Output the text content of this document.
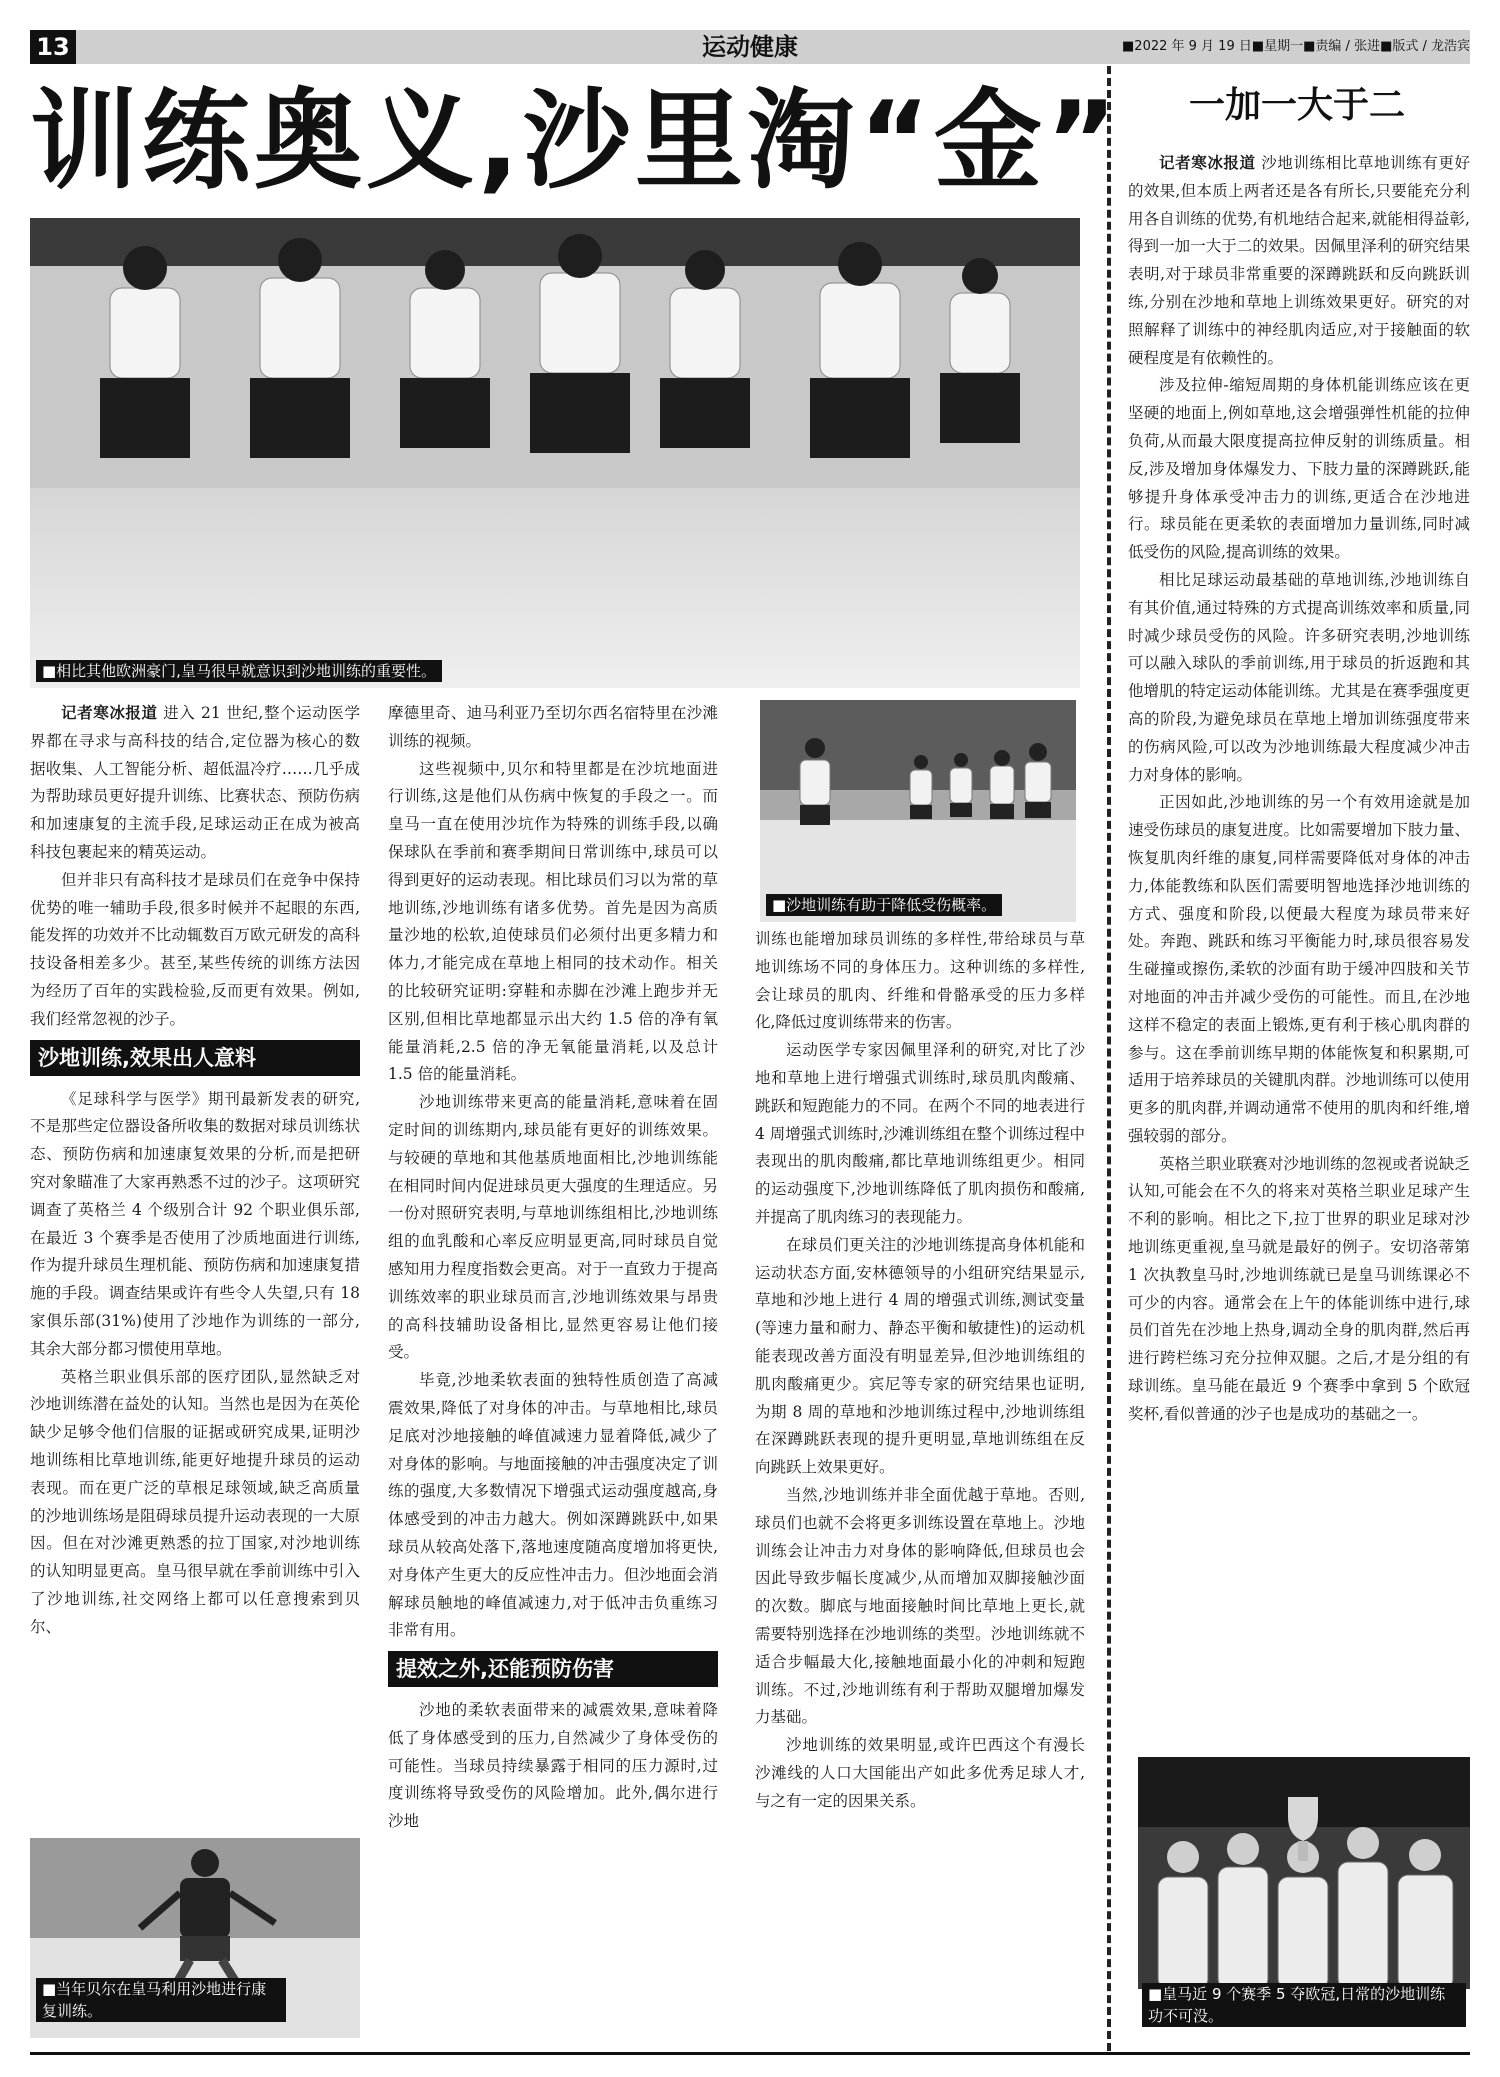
13	运动健康	■2022 年 9 月 19 日■星期一■责编 / 张进■版式 / 龙浩宾
训练奥义,沙里淘“金”
■相比其他欧洲豪门,皇马很早就意识到沙地训练的重要性。

记者寒冰报道 进入 21 世纪,整个运动医学界都在寻求与高科技的结合,定位器为核心的数据收集、人工智能分析、超低温冷疗……几乎成为帮助球员更好提升训练、比赛状态、预防伤病和加速康复的主流手段,足球运动正在成为被高科技包裹起来的精英运动。

但并非只有高科技才是球员们在竞争中保持优势的唯一辅助手段,很多时候并不起眼的东西,能发挥的功效并不比动辄数百万欧元研发的高科技设备相差多少。甚至,某些传统的训练方法因为经历了百年的实践检验,反而更有效果。例如,我们经常忽视的沙子。

沙地训练,效果出人意料

《足球科学与医学》期刊最新发表的研究,不是那些定位器设备所收集的数据对球员训练状态、预防伤病和加速康复效果的分析,而是把研究对象瞄准了大家再熟悉不过的沙子。这项研究调查了英格兰 4 个级别合计 92 个职业俱乐部,在最近 3 个赛季是否使用了沙质地面进行训练,作为提升球员生理机能、预防伤病和加速康复措施的手段。调查结果或许有些令人失望,只有 18 家俱乐部(31%)使用了沙地作为训练的一部分,其余大部分都习惯使用草地。

英格兰职业俱乐部的医疗团队,显然缺乏对沙地训练潜在益处的认知。当然也是因为在英伦缺少足够令他们信服的证据或研究成果,证明沙地训练相比草地训练,能更好地提升球员的运动表现。而在更广泛的草根足球领域,缺乏高质量的沙地训练场是阻碍球员提升运动表现的一大原因。但在对沙滩更熟悉的拉丁国家,对沙地训练的认知明显更高。皇马很早就在季前训练中引入了沙地训练,社交网络上都可以任意搜索到贝尔、

■当年贝尔在皇马利用沙地进行康复训练。

摩德里奇、迪马利亚乃至切尔西名宿特里在沙滩训练的视频。

这些视频中,贝尔和特里都是在沙坑地面进行训练,这是他们从伤病中恢复的手段之一。而皇马一直在使用沙坑作为特殊的训练手段,以确保球队在季前和赛季期间日常训练中,球员可以得到更好的运动表现。相比球员们习以为常的草地训练,沙地训练有诸多优势。首先是因为高质量沙地的松软,迫使球员们必须付出更多精力和体力,才能完成在草地上相同的技术动作。相关的比较研究证明:穿鞋和赤脚在沙滩上跑步并无区别,但相比草地都显示出大约 1.5 倍的净有氧能量消耗,2.5 倍的净无氧能量消耗,以及总计 1.5 倍的能量消耗。

沙地训练带来更高的能量消耗,意味着在固定时间的训练期内,球员能有更好的训练效果。与较硬的草地和其他基质地面相比,沙地训练能在相同时间内促进球员更大强度的生理适应。另一份对照研究表明,与草地训练组相比,沙地训练组的血乳酸和心率反应明显更高,同时球员自觉感知用力程度指数会更高。对于一直致力于提高训练效率的职业球员而言,沙地训练效果与昂贵的高科技辅助设备相比,显然更容易让他们接受。

毕竟,沙地柔软表面的独特性质创造了高减震效果,降低了对身体的冲击。与草地相比,球员足底对沙地接触的峰值减速力显着降低,减少了对身体的影响。与地面接触的冲击强度决定了训练的强度,大多数情况下增强式运动强度越高,身体感受到的冲击力越大。例如深蹲跳跃中,如果球员从较高处落下,落地速度随高度增加将更快,对身体产生更大的反应性冲击力。但沙地面会消解球员触地的峰值减速力,对于低冲击负重练习非常有用。

提效之外,还能预防伤害

沙地的柔软表面带来的减震效果,意味着降低了身体感受到的压力,自然减少了身体受伤的可能性。当球员持续暴露于相同的压力源时,过度训练将导致受伤的风险增加。此外,偶尔进行沙地

■沙地训练有助于降低受伤概率。

训练也能增加球员训练的多样性,带给球员与草地训练场不同的身体压力。这种训练的多样性,会让球员的肌肉、纤维和骨骼承受的压力多样化,降低过度训练带来的伤害。

运动医学专家因佩里泽利的研究,对比了沙地和草地上进行增强式训练时,球员肌肉酸痛、跳跃和短跑能力的不同。在两个不同的地表进行 4 周增强式训练时,沙滩训练组在整个训练过程中表现出的肌肉酸痛,都比草地训练组更少。相同的运动强度下,沙地训练降低了肌肉损伤和酸痛,并提高了肌肉练习的表现能力。

在球员们更关注的沙地训练提高身体机能和运动状态方面,安林德领导的小组研究结果显示,草地和沙地上进行 4 周的增强式训练,测试变量(等速力量和耐力、静态平衡和敏捷性)的运动机能表现改善方面没有明显差异,但沙地训练组的肌肉酸痛更少。宾尼等专家的研究结果也证明,为期 8 周的草地和沙地训练过程中,沙地训练组在深蹲跳跃表现的提升更明显,草地训练组在反向跳跃上效果更好。

当然,沙地训练并非全面优越于草地。否则,球员们也就不会将更多训练设置在草地上。沙地训练会让冲击力对身体的影响降低,但球员也会因此导致步幅长度减少,从而增加双脚接触沙面的次数。脚底与地面接触时间比草地上更长,就需要特别选择在沙地训练的类型。沙地训练就不适合步幅最大化,接触地面最小化的冲刺和短跑训练。不过,沙地训练有利于帮助双腿增加爆发力基础。

沙地训练的效果明显,或许巴西这个有漫长沙滩线的人口大国能出产如此多优秀足球人才,与之有一定的因果关系。

一加一大于二

记者寒冰报道 沙地训练相比草地训练有更好的效果,但本质上两者还是各有所长,只要能充分利用各自训练的优势,有机地结合起来,就能相得益彰,得到一加一大于二的效果。因佩里泽利的研究结果表明,对于球员非常重要的深蹲跳跃和反向跳跃训练,分别在沙地和草地上训练效果更好。研究的对照解释了训练中的神经肌肉适应,对于接触面的软硬程度是有依赖性的。

涉及拉伸-缩短周期的身体机能训练应该在更坚硬的地面上,例如草地,这会增强弹性机能的拉伸负荷,从而最大限度提高拉伸反射的训练质量。相反,涉及增加身体爆发力、下肢力量的深蹲跳跃,能够提升身体承受冲击力的训练,更适合在沙地进行。球员能在更柔软的表面增加力量训练,同时减低受伤的风险,提高训练的效果。

相比足球运动最基础的草地训练,沙地训练自有其价值,通过特殊的方式提高训练效率和质量,同时减少球员受伤的风险。许多研究表明,沙地训练可以融入球队的季前训练,用于球员的折返跑和其他增肌的特定运动体能训练。尤其是在赛季强度更高的阶段,为避免球员在草地上增加训练强度带来的伤病风险,可以改为沙地训练最大程度减少冲击力对身体的影响。

正因如此,沙地训练的另一个有效用途就是加速受伤球员的康复进度。比如需要增加下肢力量、恢复肌肉纤维的康复,同样需要降低对身体的冲击力,体能教练和队医们需要明智地选择沙地训练的方式、强度和阶段,以便最大程度为球员带来好处。奔跑、跳跃和练习平衡能力时,球员很容易发生碰撞或擦伤,柔软的沙面有助于缓冲四肢和关节对地面的冲击并减少受伤的可能性。而且,在沙地这样不稳定的表面上锻炼,更有利于核心肌肉群的参与。这在季前训练早期的体能恢复和积累期,可适用于培养球员的关键肌肉群。沙地训练可以使用更多的肌肉群,并调动通常不使用的肌肉和纤维,增强较弱的部分。

英格兰职业联赛对沙地训练的忽视或者说缺乏认知,可能会在不久的将来对英格兰职业足球产生不利的影响。相比之下,拉丁世界的职业足球对沙地训练更重视,皇马就是最好的例子。安切洛蒂第 1 次执教皇马时,沙地训练就已是皇马训练课必不可少的内容。通常会在上午的体能训练中进行,球员们首先在沙地上热身,调动全身的肌肉群,然后再进行跨栏练习充分拉伸双腿。之后,才是分组的有球训练。皇马能在最近 9 个赛季中拿到 5 个欧冠奖杯,看似普通的沙子也是成功的基础之一。

■皇马近 9 个赛季 5 夺欧冠,日常的沙地训练功不可没。
